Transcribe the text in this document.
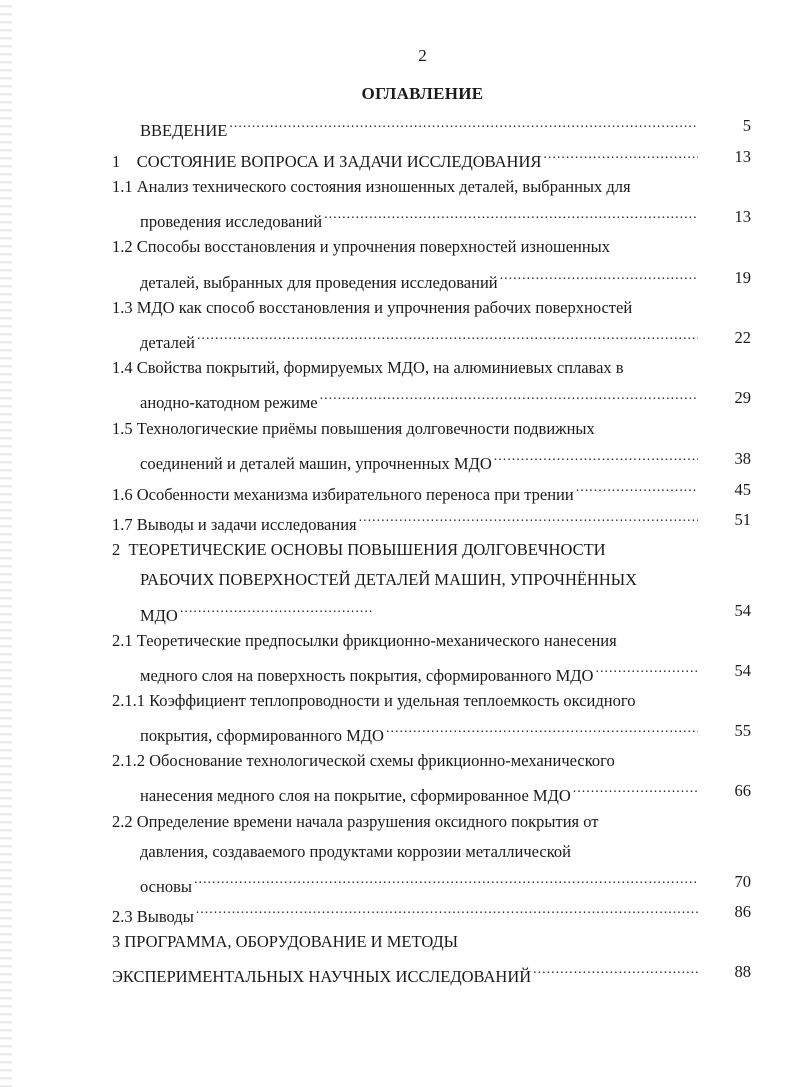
2
ОГЛАВЛЕНИЕ
ВВЕДЕНИЕ .....	5
1    СОСТОЯНИЕ ВОПРОСА И ЗАДАЧИ ИССЛЕДОВАНИЯ .....	13
1.1 Анализ технического состояния изношенных деталей, выбранных для
проведения исследований .....	13
1.2 Способы восстановления и упрочнения поверхностей изношенных
деталей, выбранных для проведения исследований .....	19
1.3 МДО как способ восстановления и упрочнения рабочих поверхностей
деталей .....	22
1.4 Свойства покрытий, формируемых МДО, на алюминиевых сплавах в
анодно-катодном режиме .....	29
1.5 Технологические приёмы повышения долговечности подвижных
соединений и деталей машин, упрочненных МДО .....	38
1.6 Особенности механизма избирательного переноса при трении .....	45
1.7 Выводы и задачи исследования .....	51
2  ТЕОРЕТИЧЕСКИЕ ОСНОВЫ ПОВЫШЕНИЯ ДОЛГОВЕЧНОСТИ
РАБОЧИХ ПОВЕРХНОСТЕЙ ДЕТАЛЕЙ МАШИН, УПРОЧНЁННЫХ
МДО .....	54
2.1 Теоретические предпосылки фрикционно-механического нанесения
медного слоя на поверхность покрытия, сформированного МДО .....	54
2.1.1 Коэффициент теплопроводности и удельная теплоемкость оксидного
покрытия, сформированного МДО .....	55
2.1.2 Обоснование технологической схемы фрикционно-механического
нанесения медного слоя на покрытие, сформированное МДО .....	66
2.2 Определение времени начала разрушения оксидного покрытия от
давления, создаваемого продуктами коррозии металлической
основы .....	70
2.3 Выводы .....	86
3 ПРОГРАММА, ОБОРУДОВАНИЕ И МЕТОДЫ
ЭКСПЕРИМЕНТАЛЬНЫХ НАУЧНЫХ ИССЛЕДОВАНИЙ .....	88
